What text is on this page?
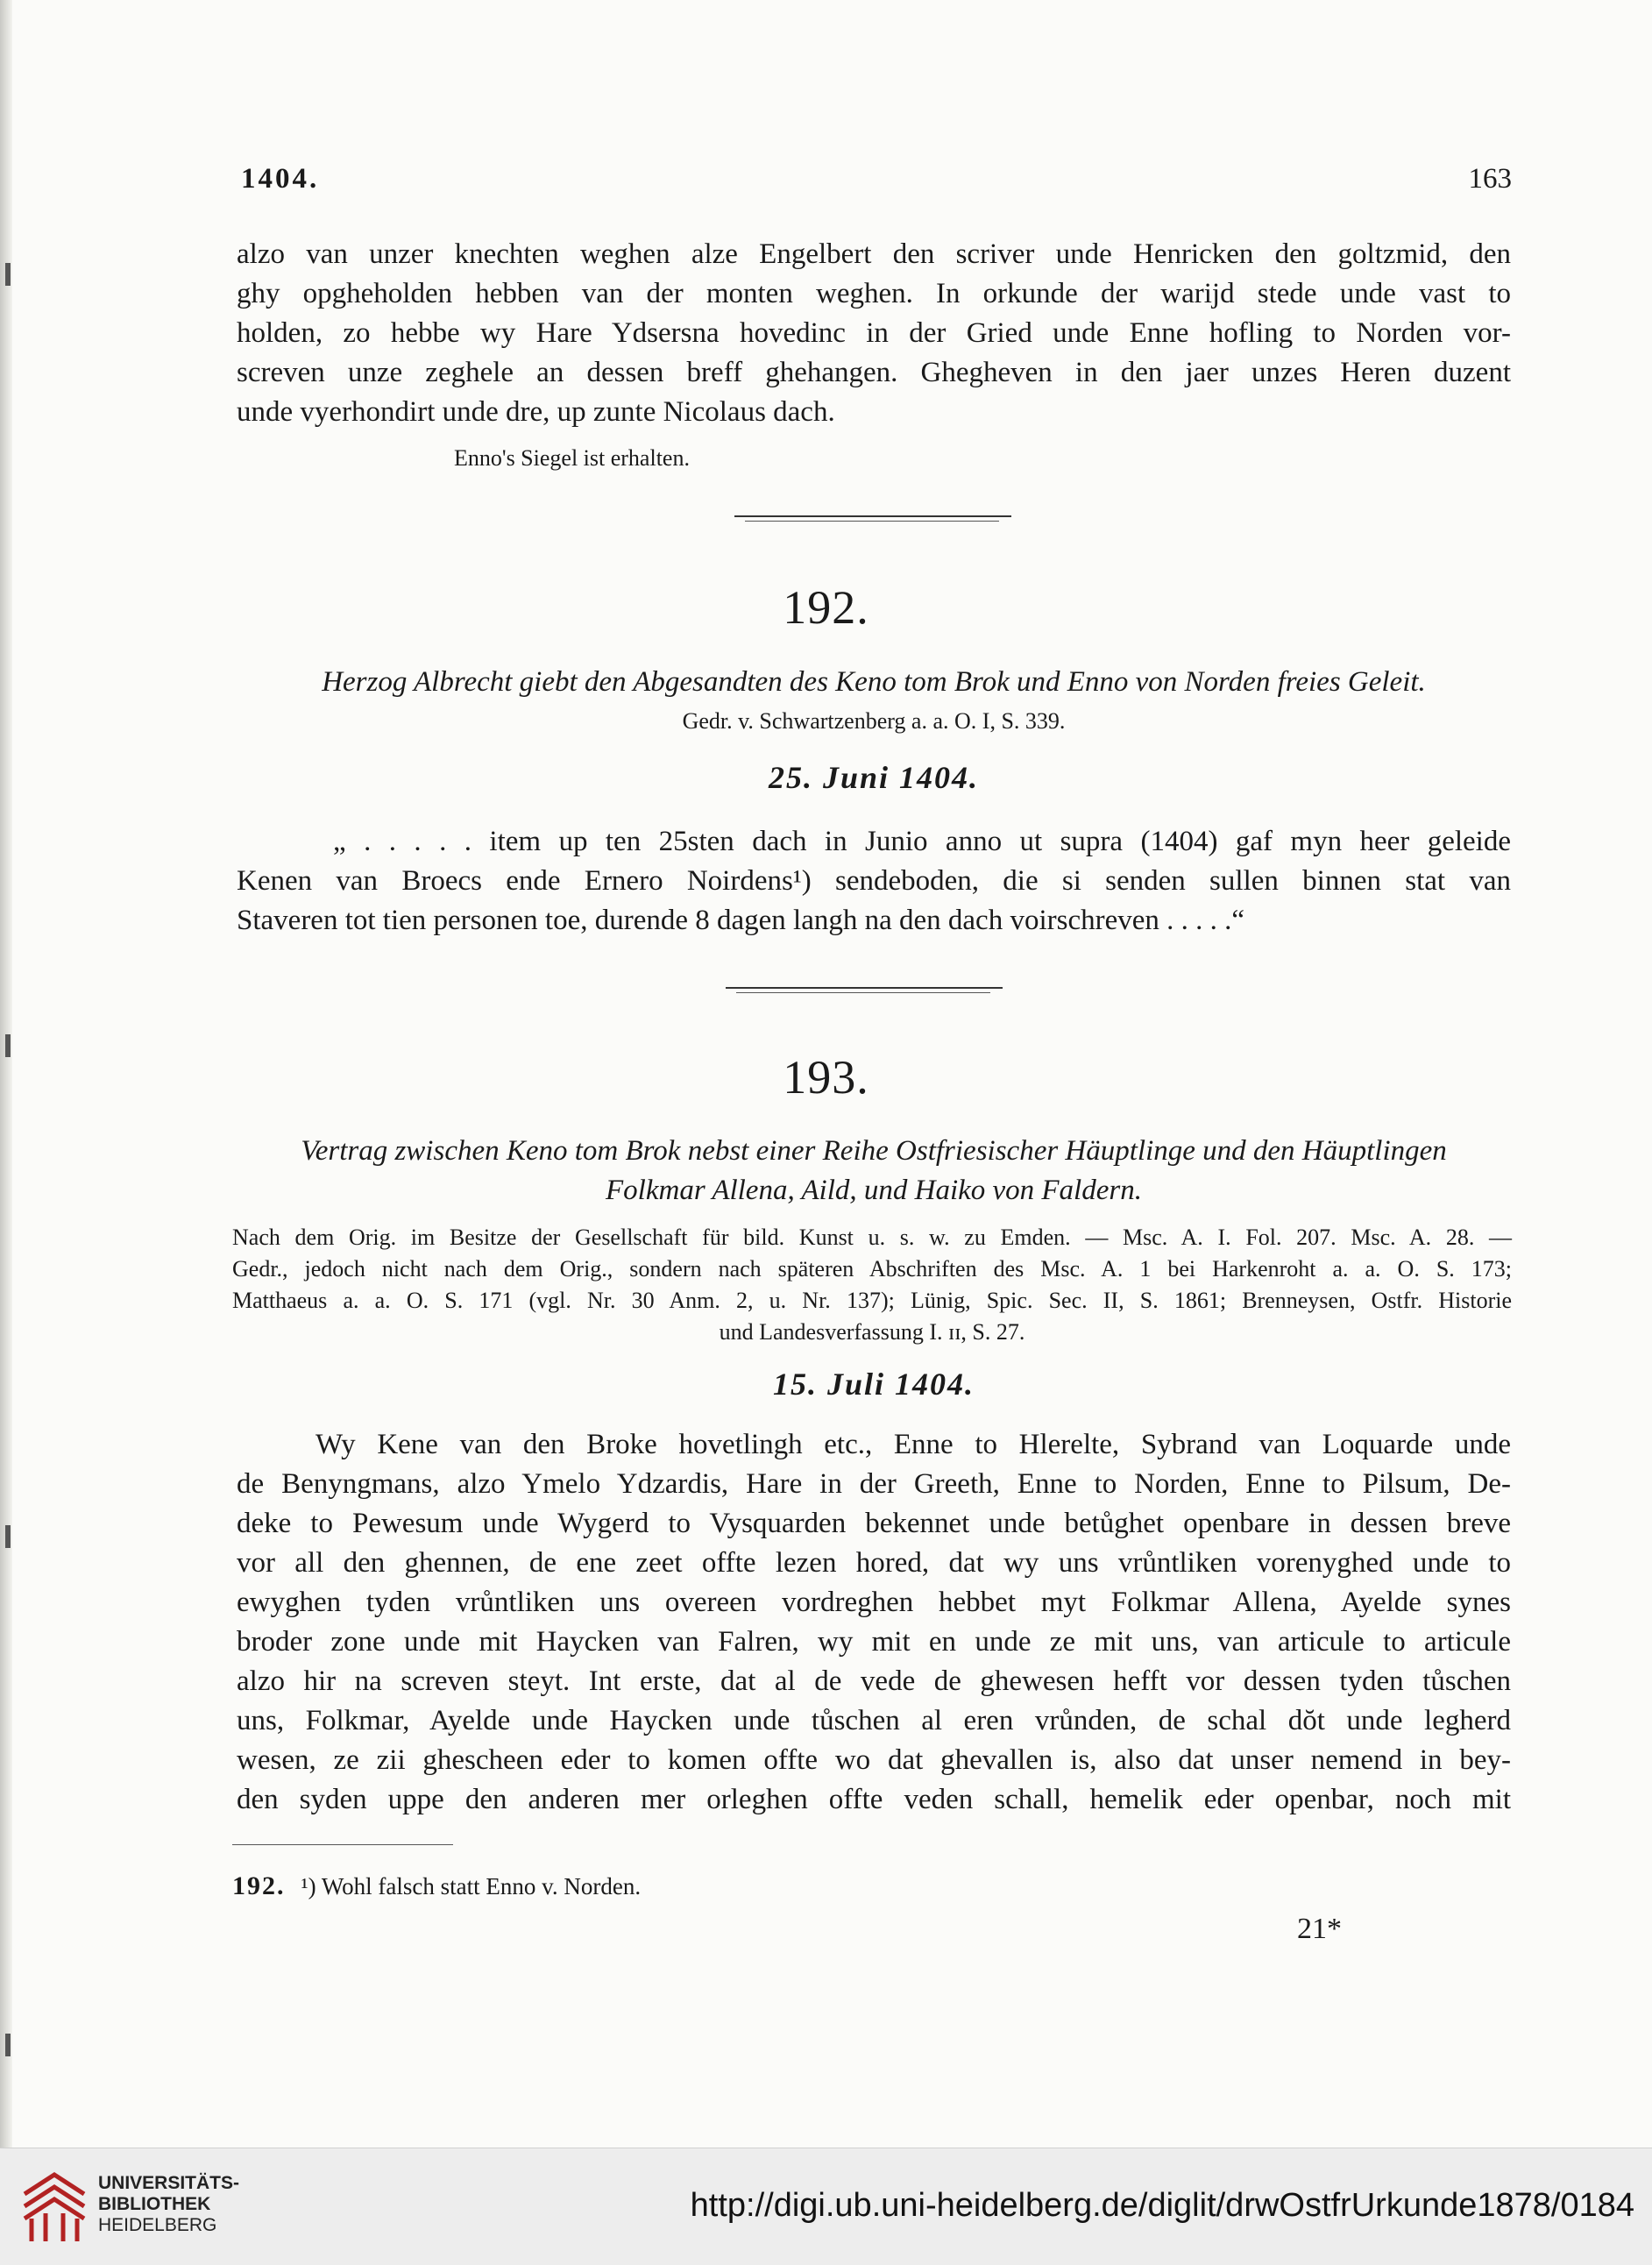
1404.	163
alzo van unzer knechten weghen alze Engelbert den scriver unde Henricken den goltzmid, den
ghy opgheholden hebben van der monten weghen. In orkunde der warijd stede unde vast to
holden, zo hebbe wy Hare Ydsersna hovedinc in der Gried unde Enne hofling to Norden vor-
screven unze zeghele an dessen breff ghehangen. Ghegheven in den jaer unzes Heren duzent
unde vyerhondirt unde dre, up zunte Nicolaus dach.
Enno's Siegel ist erhalten.
192.
Herzog Albrecht giebt den Abgesandten des Keno tom Brok und Enno von Norden freies Geleit.
Gedr. v. Schwartzenberg a. a. O. I, S. 339.
25. Juni 1404.
„ . . . . . item up ten 25sten dach in Junio anno ut supra (1404) gaf myn heer geleide
Kenen van Broecs ende Ernero Noirdens¹) sendeboden, die si senden sullen binnen stat van
Staveren tot tien personen toe, durende 8 dagen langh na den dach voirschreven . . . . .“
193.
Vertrag zwischen Keno tom Brok nebst einer Reihe Ostfriesischer Häuptlinge und den Häuptlingen
Folkmar Allena, Aild, und Haiko von Faldern.
Nach dem Orig. im Besitze der Gesellschaft für bild. Kunst u. s. w. zu Emden. — Msc. A. I. Fol. 207. Msc. A. 28. —
Gedr., jedoch nicht nach dem Orig., sondern nach späteren Abschriften des Msc. A. 1 bei Harkenroht a. a. O. S. 173;
Matthaeus a. a. O. S. 171 (vgl. Nr. 30 Anm. 2, u. Nr. 137); Lünig, Spic. Sec. II, S. 1861; Brenneysen, Ostfr. Historie
und Landesverfassung I. ɪɪ, S. 27.
15. Juli 1404.
Wy Kene van den Broke hovetlingh etc., Enne to Hlerelte, Sybrand van Loquarde unde
de Benyngmans, alzo Ymelo Ydzardis, Hare in der Greeth, Enne to Norden, Enne to Pilsum, De-
deke to Pewesum unde Wygerd to Vysquarden bekennet unde betůghet openbare in dessen breve
vor all den ghennen, de ene zeet offte lezen hored, dat wy uns vrůntliken vorenyghed unde to
ewyghen tyden vrůntliken uns overeen vordreghen hebbet myt Folkmar Allena, Ayelde synes
broder zone unde mit Haycken van Falren, wy mit en unde ze mit uns, van articule to articule
alzo hir na screven steyt. Int erste, dat al de vede de ghewesen hefft vor dessen tyden tůschen
uns, Folkmar, Ayelde unde Haycken unde tůschen al eren vrůnden, de schal dŏt unde legherd
wesen, ze zii ghescheen eder to komen offte wo dat ghevallen is, also dat unser nemend in bey-
den syden uppe den anderen mer orleghen offte veden schall, hemelik eder openbar, noch mit
192. ¹) Wohl falsch statt Enno v. Norden.
21*
UNIVERSITÄTS-
BIBLIOTHEK
HEIDELBERG
http://digi.ub.uni-heidelberg.de/diglit/drwOstfrUrkunde1878/0184
